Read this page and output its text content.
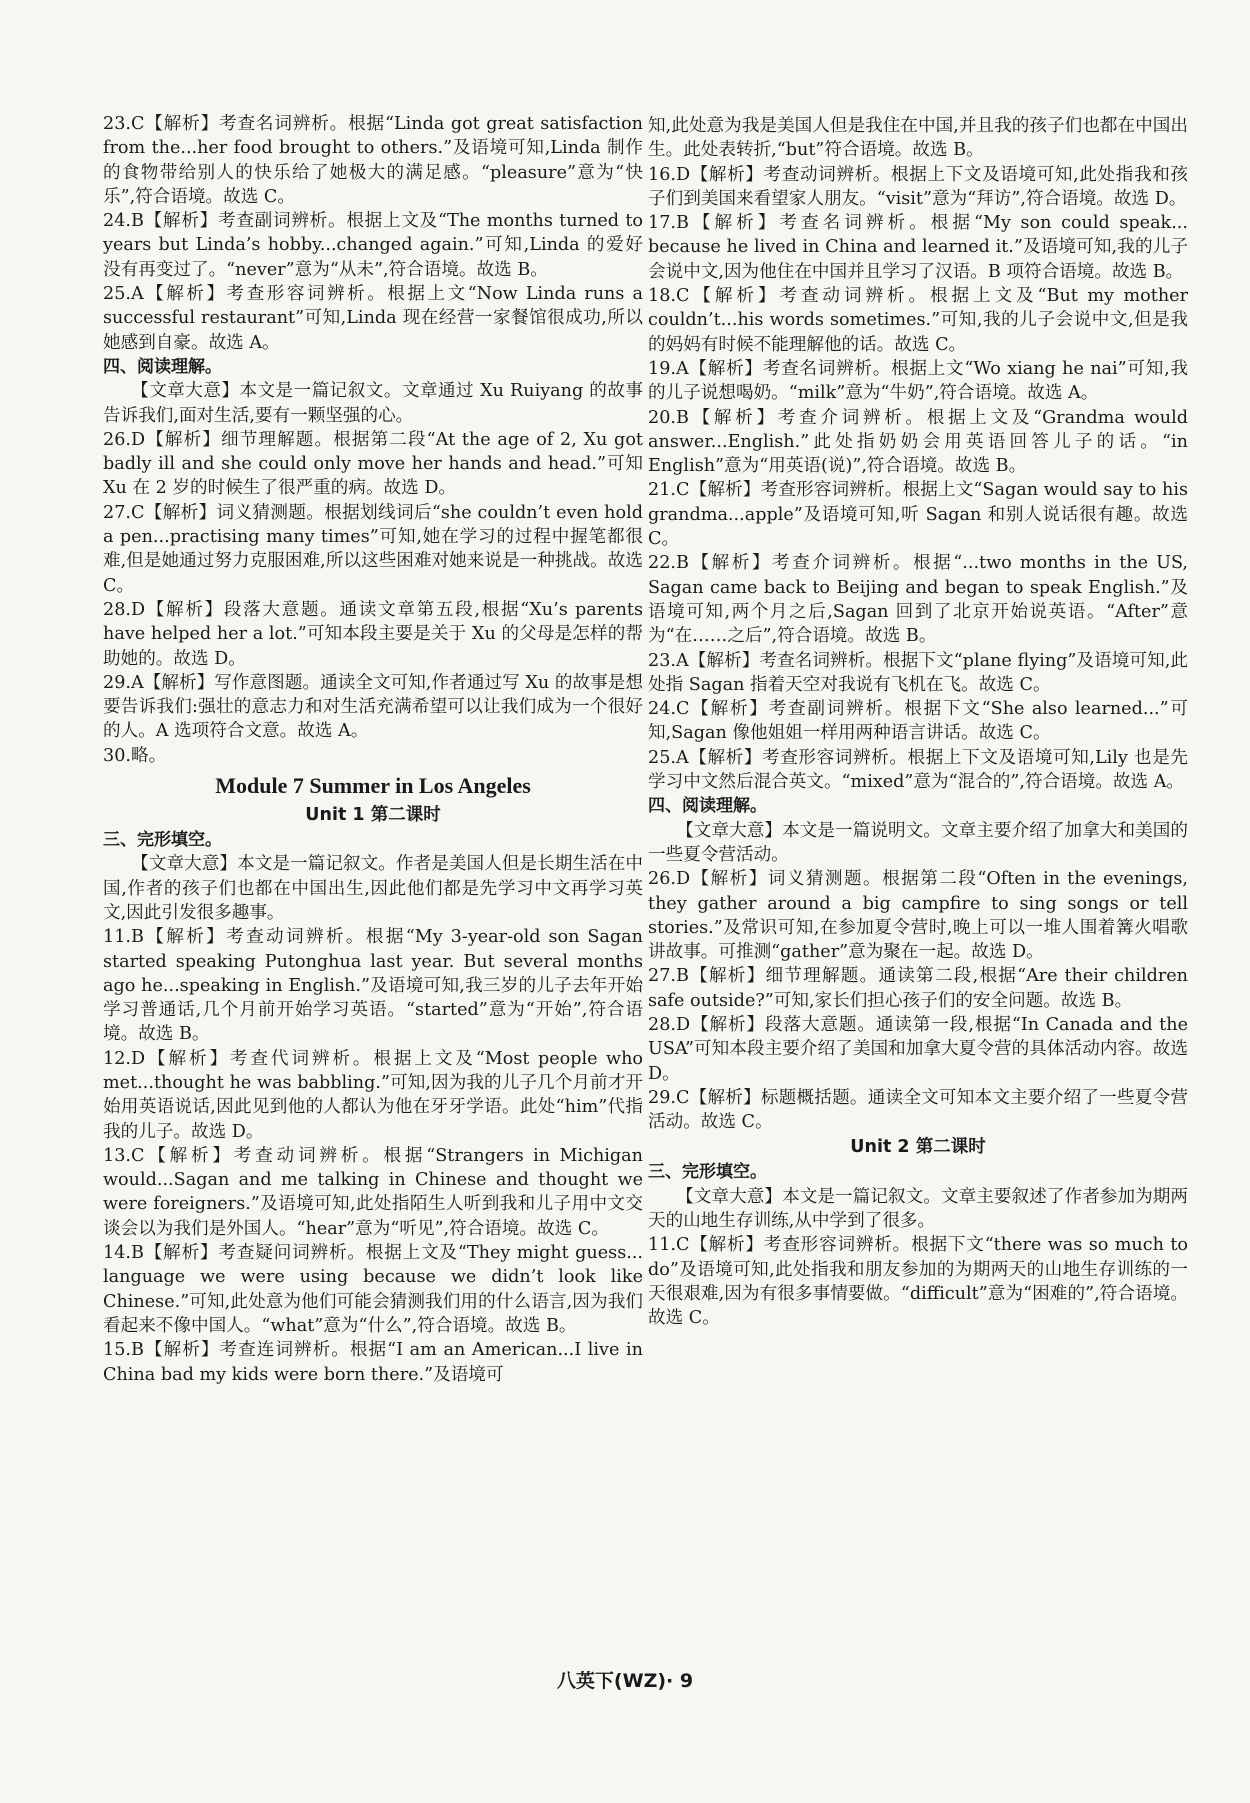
23.C【解析】考查名词辨析。根据“Linda got great satisfaction from the...her food brought to others.”及语境可知,Linda 制作的食物带给别人的快乐给了她极大的满足感。“pleasure”意为“快乐”,符合语境。故选 C。

24.B【解析】考查副词辨析。根据上文及“The months turned to years but Linda’s hobby...changed again.”可知,Linda 的爱好没有再变过了。“never”意为“从未”,符合语境。故选 B。

25.A【解析】考查形容词辨析。根据上文“Now Linda runs a successful restaurant”可知,Linda 现在经营一家餐馆很成功,所以她感到自豪。故选 A。

四、阅读理解。

【文章大意】本文是一篇记叙文。文章通过 Xu Ruiyang 的故事告诉我们,面对生活,要有一颗坚强的心。

26.D【解析】细节理解题。根据第二段“At the age of 2, Xu got badly ill and she could only move her hands and head.”可知 Xu 在 2 岁的时候生了很严重的病。故选 D。

27.C【解析】词义猜测题。根据划线词后“she couldn’t even hold a pen...practising many times”可知,她在学习的过程中握笔都很难,但是她通过努力克服困难,所以这些困难对她来说是一种挑战。故选 C。

28.D【解析】段落大意题。通读文章第五段,根据“Xu’s parents have helped her a lot.”可知本段主要是关于 Xu 的父母是怎样的帮助她的。故选 D。

29.A【解析】写作意图题。通读全文可知,作者通过写 Xu 的故事是想要告诉我们:强壮的意志力和对生活充满希望可以让我们成为一个很好的人。A 选项符合文意。故选 A。

30.略。

Module 7 Summer in Los Angeles

Unit 1 第二课时

三、完形填空。

【文章大意】本文是一篇记叙文。作者是美国人但是长期生活在中国,作者的孩子们也都在中国出生,因此他们都是先学习中文再学习英文,因此引发很多趣事。

11.B【解析】考查动词辨析。根据“My 3-year-old son Sagan started speaking Putonghua last year. But several months ago he...speaking in English.”及语境可知,我三岁的儿子去年开始学习普通话,几个月前开始学习英语。“started”意为“开始”,符合语境。故选 B。

12.D【解析】考查代词辨析。根据上文及“Most people who met...thought he was babbling.”可知,因为我的儿子几个月前才开始用英语说话,因此见到他的人都认为他在牙牙学语。此处“him”代指我的儿子。故选 D。

13.C【解析】考查动词辨析。根据“Strangers in Michigan would...Sagan and me talking in Chinese and thought we were foreigners.”及语境可知,此处指陌生人听到我和儿子用中文交谈会以为我们是外国人。“hear”意为“听见”,符合语境。故选 C。

14.B【解析】考查疑问词辨析。根据上文及“They might guess... language we were using because we didn’t look like Chinese.”可知,此处意为他们可能会猜测我们用的什么语言,因为我们看起来不像中国人。“what”意为“什么”,符合语境。故选 B。

15.B【解析】考查连词辨析。根据“I am an American...I live in China bad my kids were born there.”及语境可

知,此处意为我是美国人但是我住在中国,并且我的孩子们也都在中国出生。此处表转折,“but”符合语境。故选 B。

16.D【解析】考查动词辨析。根据上下文及语境可知,此处指我和孩子们到美国来看望家人朋友。“visit”意为“拜访”,符合语境。故选 D。

17.B【解析】考查名词辨析。根据“My son could speak... because he lived in China and learned it.”及语境可知,我的儿子会说中文,因为他住在中国并且学习了汉语。B 项符合语境。故选 B。

18.C【解析】考查动词辨析。根据上文及“But my mother couldn’t...his words sometimes.”可知,我的儿子会说中文,但是我的妈妈有时候不能理解他的话。故选 C。

19.A【解析】考查名词辨析。根据上文“Wo xiang he nai”可知,我的儿子说想喝奶。“milk”意为“牛奶”,符合语境。故选 A。

20.B【解析】考查介词辨析。根据上文及“Grandma would answer...English.”此处指奶奶会用英语回答儿子的话。“in English”意为“用英语(说)”,符合语境。故选 B。

21.C【解析】考查形容词辨析。根据上文“Sagan would say to his grandma...apple”及语境可知,听 Sagan 和别人说话很有趣。故选 C。

22.B【解析】考查介词辨析。根据“...two months in the US, Sagan came back to Beijing and began to speak English.”及语境可知,两个月之后,Sagan 回到了北京开始说英语。“After”意为“在……之后”,符合语境。故选 B。

23.A【解析】考查名词辨析。根据下文“plane flying”及语境可知,此处指 Sagan 指着天空对我说有飞机在飞。故选 C。

24.C【解析】考查副词辨析。根据下文“She also learned...”可知,Sagan 像他姐姐一样用两种语言讲话。故选 C。

25.A【解析】考查形容词辨析。根据上下文及语境可知,Lily 也是先学习中文然后混合英文。“mixed”意为“混合的”,符合语境。故选 A。

四、阅读理解。

【文章大意】本文是一篇说明文。文章主要介绍了加拿大和美国的一些夏令营活动。

26.D【解析】词义猜测题。根据第二段“Often in the evenings, they gather around a big campfire to sing songs or tell stories.”及常识可知,在参加夏令营时,晚上可以一堆人围着篝火唱歌讲故事。可推测“gather”意为聚在一起。故选 D。

27.B【解析】细节理解题。通读第二段,根据“Are their children safe outside?”可知,家长们担心孩子们的安全问题。故选 B。

28.D【解析】段落大意题。通读第一段,根据“In Canada and the USA”可知本段主要介绍了美国和加拿大夏令营的具体活动内容。故选 D。

29.C【解析】标题概括题。通读全文可知本文主要介绍了一些夏令营活动。故选 C。

Unit 2 第二课时

三、完形填空。

【文章大意】本文是一篇记叙文。文章主要叙述了作者参加为期两天的山地生存训练,从中学到了很多。

11.C【解析】考查形容词辨析。根据下文“there was so much to do”及语境可知,此处指我和朋友参加的为期两天的山地生存训练的一天很艰难,因为有很多事情要做。“difficult”意为“困难的”,符合语境。故选 C。

八英下(WZ)· 9
